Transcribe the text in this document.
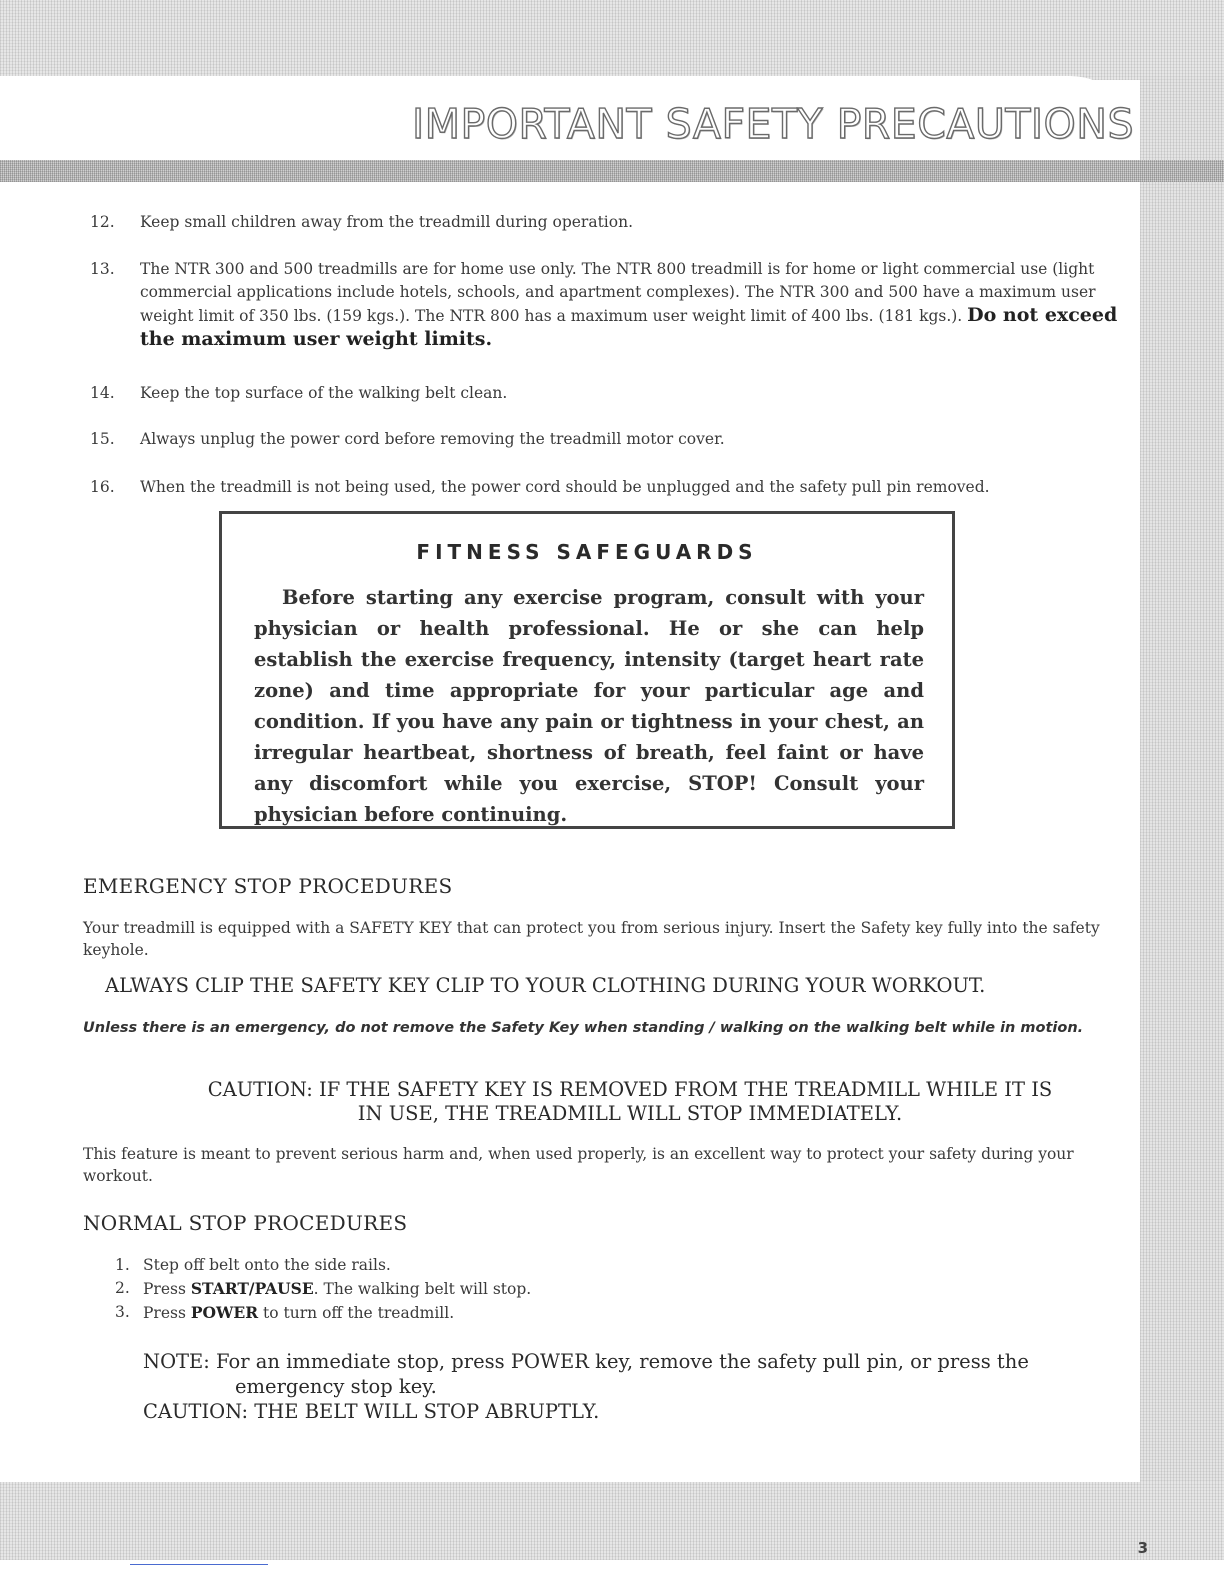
IMPORTANT SAFETY PRECAUTIONS
12.	Keep small children away from the treadmill during operation.
13.	The NTR 300 and 500 treadmills are for home use only. The NTR 800 treadmill is for home or light commercial use (light commercial applications include hotels, schools, and apartment complexes). The NTR 300 and 500 have a maximum user weight limit of 350 lbs. (159 kgs.). The NTR 800 has a maximum user weight limit of 400 lbs. (181 kgs.). Do not exceed the maximum user weight limits.
14.	Keep the top surface of the walking belt clean.
15.	Always unplug the power cord before removing the treadmill motor cover.
16.	When the treadmill is not being used, the power cord should be unplugged and the safety pull pin removed.
FITNESS SAFEGUARDS
Before starting any exercise program, consult with your physician or health professional. He or she can help establish the exercise frequency, intensity (target heart rate zone) and time appropriate for your particular age and condition. If you have any pain or tightness in your chest, an irregular heartbeat, shortness of breath, feel faint or have any discomfort while you exercise, STOP! Consult your physician before continuing.
EMERGENCY STOP PROCEDURES

Your treadmill is equipped with a SAFETY KEY that can protect you from serious injury. Insert the Safety key fully into the safety keyhole.

ALWAYS CLIP THE SAFETY KEY CLIP TO YOUR CLOTHING DURING YOUR WORKOUT.

Unless there is an emergency, do not remove the Safety Key when standing / walking on the walking belt while in motion.

CAUTION: IF THE SAFETY KEY IS REMOVED FROM THE TREADMILL WHILE IT IS
IN USE, THE TREADMILL WILL STOP IMMEDIATELY.

This feature is meant to prevent serious harm and, when used properly, is an excellent way to protect your safety during your workout.

NORMAL STOP PROCEDURES
1. Step off belt onto the side rails.
2. Press START/PAUSE. The walking belt will stop.
3. Press POWER to turn off the treadmill.
NOTE: For an immediate stop, press POWER key, remove the safety pull pin, or press the
emergency stop key.
CAUTION: THE BELT WILL STOP ABRUPTLY.
3
